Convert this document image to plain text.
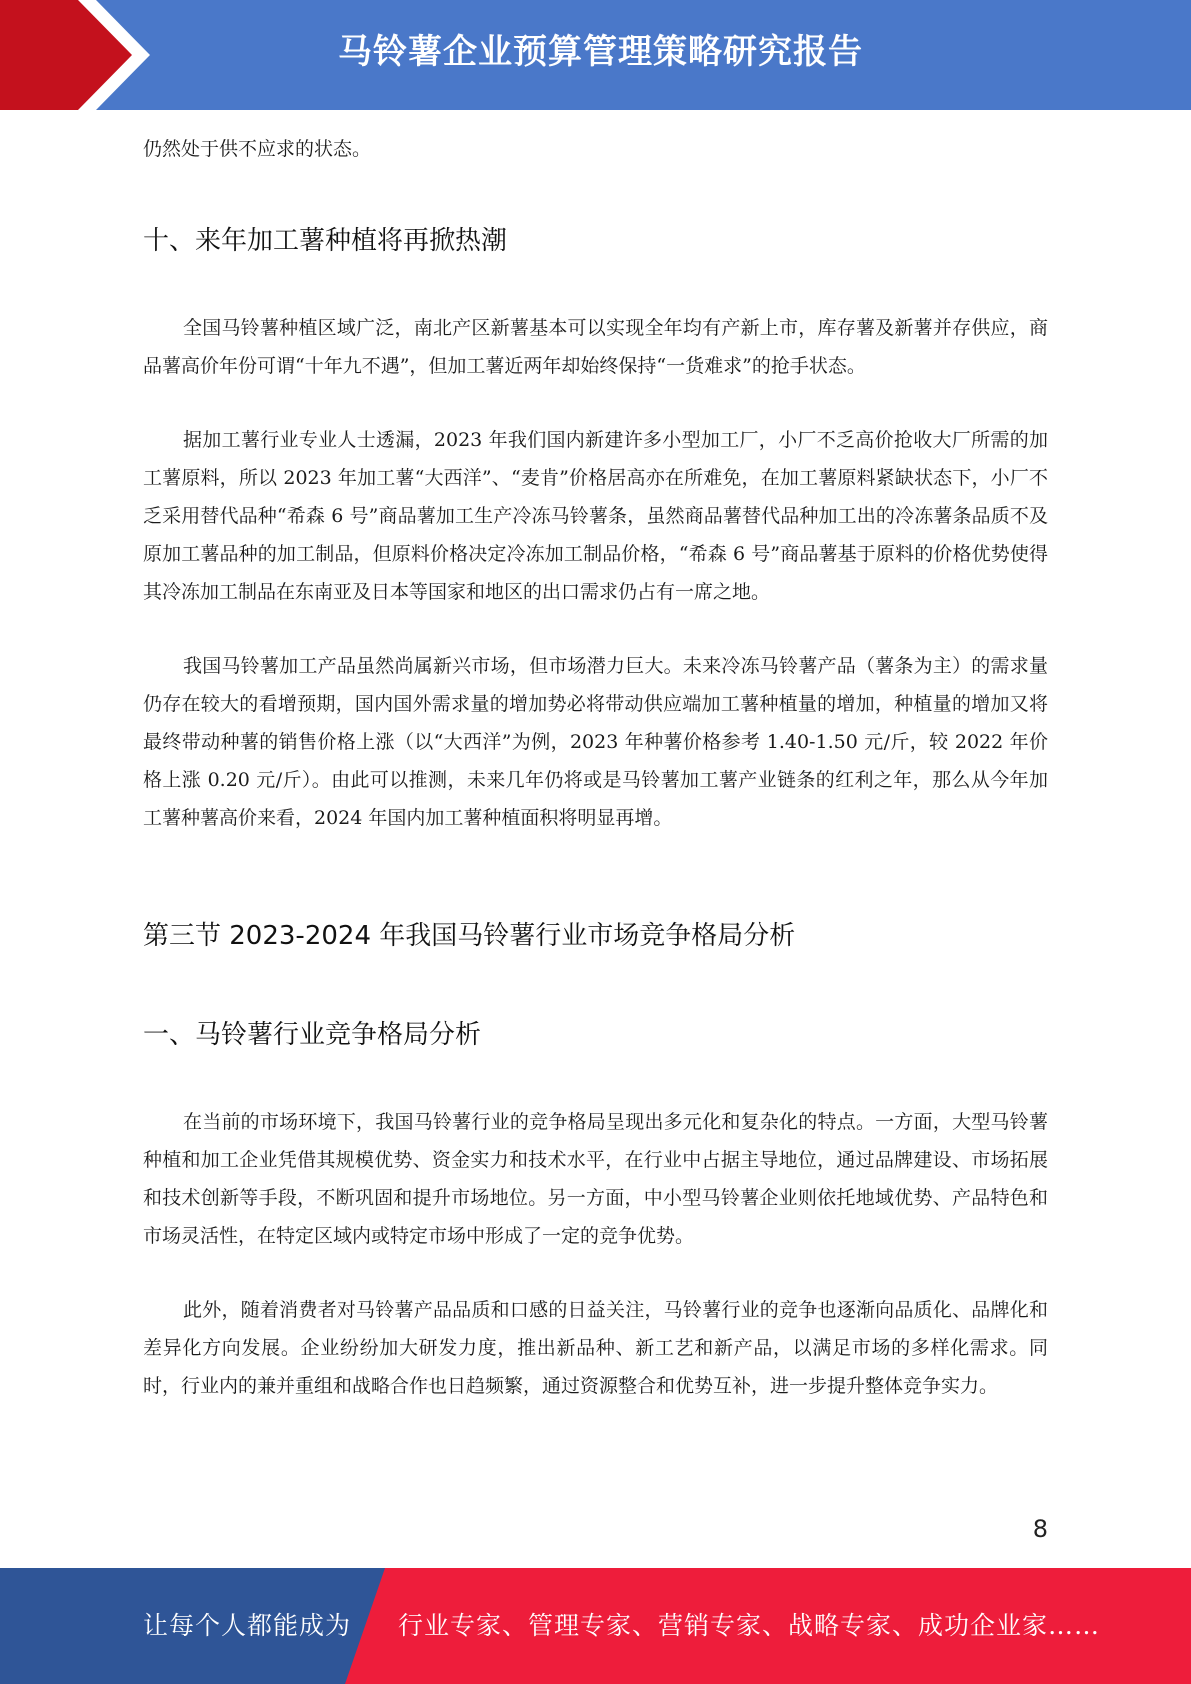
马铃薯企业预算管理策略研究报告

仍然处于供不应求的状态。

十、来年加工薯种植将再掀热潮

全国马铃薯种植区域广泛，南北产区新薯基本可以实现全年均有产新上市，库存薯及新薯并存供应，商品薯高价年份可谓“十年九不遇”，但加工薯近两年却始终保持“一货难求”的抢手状态。

据加工薯行业专业人士透漏，2023 年我们国内新建许多小型加工厂，小厂不乏高价抢收大厂所需的加工薯原料，所以 2023 年加工薯“大西洋”、“麦肯”价格居高亦在所难免，在加工薯原料紧缺状态下，小厂不乏采用替代品种“希森 6 号”商品薯加工生产冷冻马铃薯条，虽然商品薯替代品种加工出的冷冻薯条品质不及原加工薯品种的加工制品，但原料价格决定冷冻加工制品价格，“希森 6 号”商品薯基于原料的价格优势使得其冷冻加工制品在东南亚及日本等国家和地区的出口需求仍占有一席之地。

我国马铃薯加工产品虽然尚属新兴市场，但市场潜力巨大。未来冷冻马铃薯产品（薯条为主）的需求量仍存在较大的看增预期，国内国外需求量的增加势必将带动供应端加工薯种植量的增加，种植量的增加又将最终带动种薯的销售价格上涨（以“大西洋”为例，2023 年种薯价格参考 1.40-1.50 元/斤，较 2022 年价格上涨 0.20 元/斤）。由此可以推测，未来几年仍将或是马铃薯加工薯产业链条的红利之年，那么从今年加工薯种薯高价来看，2024 年国内加工薯种植面积将明显再增。

第三节 2023-2024 年我国马铃薯行业市场竞争格局分析
一、马铃薯行业竞争格局分析

在当前的市场环境下，我国马铃薯行业的竞争格局呈现出多元化和复杂化的特点。一方面，大型马铃薯种植和加工企业凭借其规模优势、资金实力和技术水平，在行业中占据主导地位，通过品牌建设、市场拓展和技术创新等手段，不断巩固和提升市场地位。另一方面，中小型马铃薯企业则依托地域优势、产品特色和市场灵活性，在特定区域内或特定市场中形成了一定的竞争优势。

此外，随着消费者对马铃薯产品品质和口感的日益关注，马铃薯行业的竞争也逐渐向品质化、品牌化和差异化方向发展。企业纷纷加大研发力度，推出新品种、新工艺和新产品，以满足市场的多样化需求。同时，行业内的兼并重组和战略合作也日趋频繁，通过资源整合和优势互补，进一步提升整体竞争实力。

8
让每个人都能成为 行业专家、管理专家、营销专家、战略专家、成功企业家……
